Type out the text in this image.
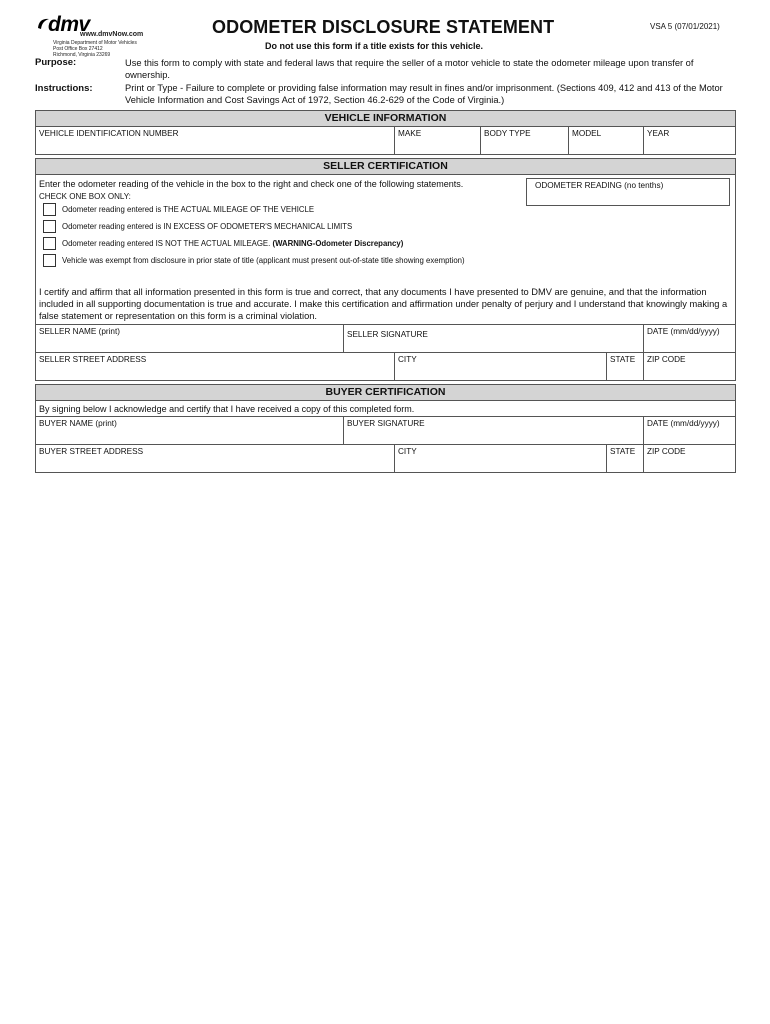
dmv
www.dmvNow.com
Virginia Department of Motor Vehicles
Post Office Box 27412
Richmond, Virginia 23269
ODOMETER DISCLOSURE STATEMENT	VSA 5 (07/01/2021)
Do not use this form if a title exists for this vehicle.
Purpose:	Use this form to comply with state and federal laws that require the seller of a motor vehicle to state the odometer mileage upon transfer of ownership.
Instructions:	Print or Type - Failure to complete or providing false information may result in fines and/or imprisonment. (Sections 409, 412 and 413 of the Motor Vehicle Information and Cost Savings Act of 1972, Section 46.2-629 of the Code of Virginia.)
VEHICLE INFORMATION
VEHICLE IDENTIFICATION NUMBER	MAKE	BODY TYPE	MODEL	YEAR
SELLER CERTIFICATION
Enter the odometer reading of the vehicle in the box to the right and check one of the following statements.
CHECK ONE BOX ONLY:
ODOMETER READING (no tenths)
Odometer reading entered is THE ACTUAL MILEAGE OF THE VEHICLE
Odometer reading entered is IN EXCESS OF ODOMETER'S MECHANICAL LIMITS
Odometer reading entered IS NOT THE ACTUAL MILEAGE. (WARNING-Odometer Discrepancy)
Vehicle was exempt from disclosure in prior state of title (applicant must present out-of-state title showing exemption)
I certify and affirm that all information presented in this form is true and correct, that any documents I have presented to DMV are genuine, and that the information included in all supporting documentation is true and accurate. I make this certification and affirmation under penalty of perjury and I understand that knowingly making a false statement or representation on this form is a criminal violation.
SELLER NAME (print)	SELLER SIGNATURE	DATE (mm/dd/yyyy)
SELLER STREET ADDRESS	CITY	STATE ZIP CODE
BUYER CERTIFICATION
By signing below I acknowledge and certify that I have received a copy of this completed form.
BUYER NAME (print)	BUYER SIGNATURE	DATE (mm/dd/yyyy)
BUYER STREET ADDRESS	CITY	STATE ZIP CODE
